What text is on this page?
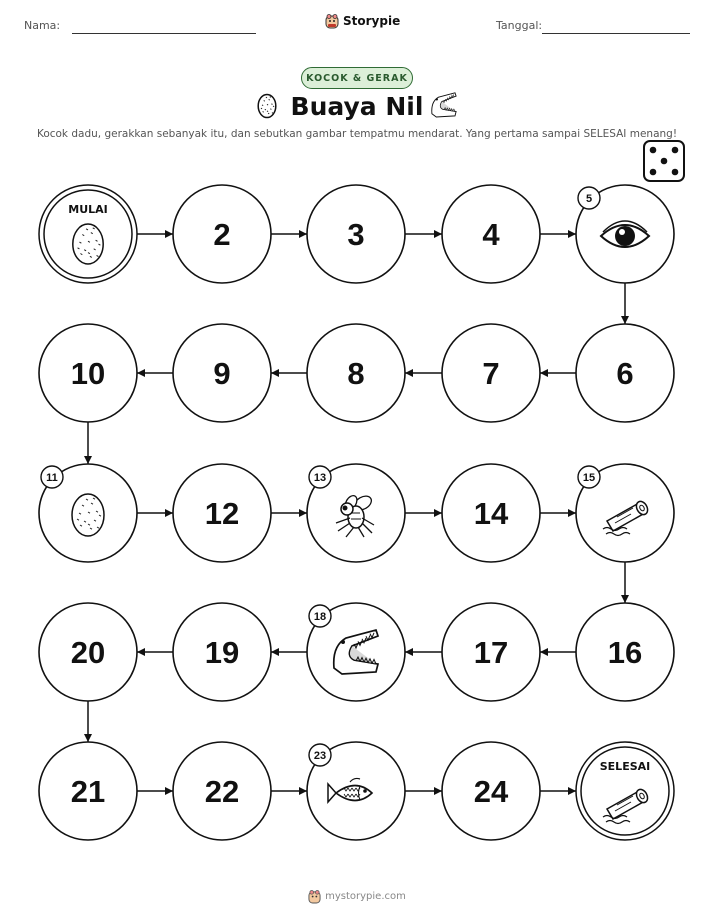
Nama:	Storypie	Tanggal:
KOCOK & GERAK
Buaya Nil
Kocok dadu, gerakkan sebanyak itu, dan sebutkan gambar tempatmu mendarat. Yang pertama sampai SELESAI menang!
MULAI
2	3	4
5
6
7
8
9
10
11
12
13
14
15
16
17
18
19
20
21	22
23
24
SELESAI
mystorypie.com
